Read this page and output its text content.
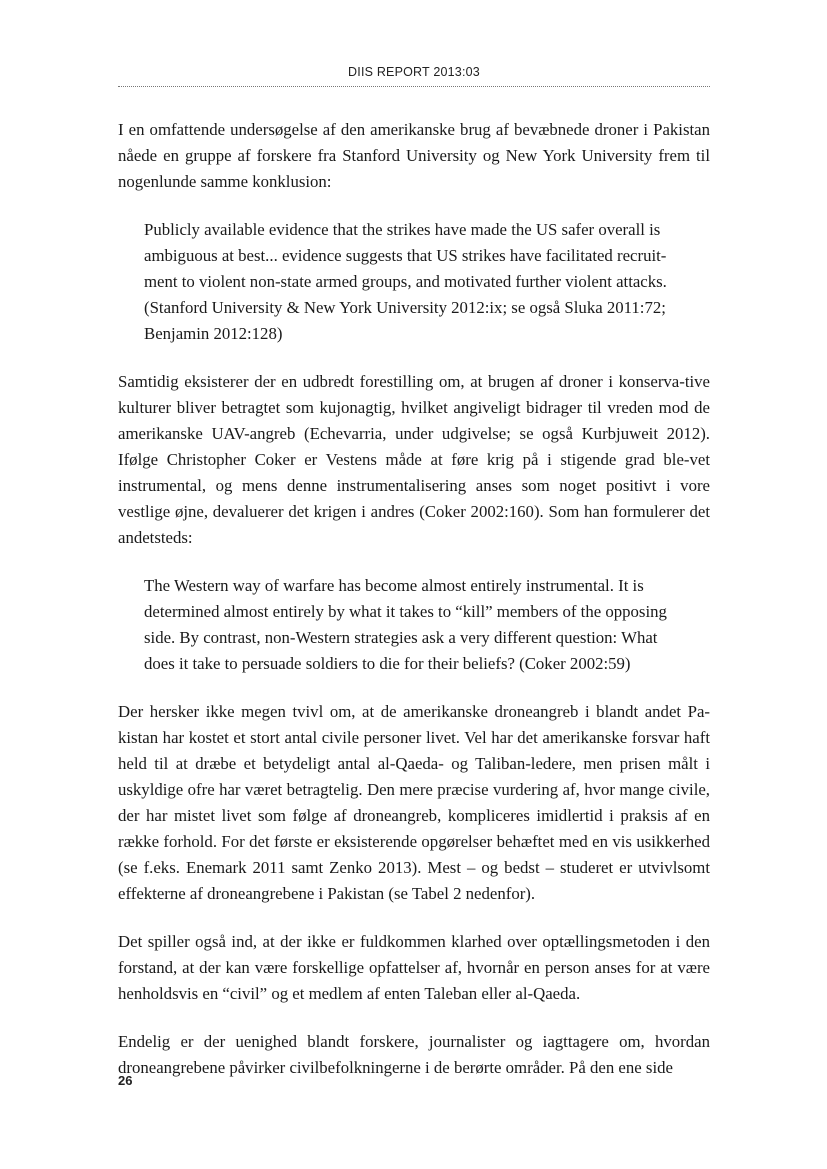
DIIS REPORT 2013:03

I en omfattende undersøgelse af den amerikanske brug af bevæbnede droner i Pakistan nåede en gruppe af forskere fra Stanford University og New York University frem til nogenlunde samme konklusion:

Publicly available evidence that the strikes have made the US safer overall is ambiguous at best... evidence suggests that US strikes have facilitated recruit-ment to violent non-state armed groups, and motivated further violent attacks. (Stanford University & New York University 2012:ix; se også Sluka 2011:72; Benjamin 2012:128)

Samtidig eksisterer der en udbredt forestilling om, at brugen af droner i konserva-tive kulturer bliver betragtet som kujonagtig, hvilket angiveligt bidrager til vreden mod de amerikanske UAV-angreb (Echevarria, under udgivelse; se også Kurbjuweit 2012). Ifølge Christopher Coker er Vestens måde at føre krig på i stigende grad ble-vet instrumental, og mens denne instrumentalisering anses som noget positivt i vore vestlige øjne, devaluerer det krigen i andres (Coker 2002:160). Som han formulerer det andetsteds:

The Western way of warfare has become almost entirely instrumental. It is determined almost entirely by what it takes to “kill” members of the opposing side. By contrast, non-Western strategies ask a very different question: What does it take to persuade soldiers to die for their beliefs? (Coker 2002:59)

Der hersker ikke megen tvivl om, at de amerikanske droneangreb i blandt andet Pa-kistan har kostet et stort antal civile personer livet. Vel har det amerikanske forsvar haft held til at dræbe et betydeligt antal al-Qaeda- og Taliban-ledere, men prisen målt i uskyldige ofre har været betragtelig. Den mere præcise vurdering af, hvor mange civile, der har mistet livet som følge af droneangreb, kompliceres imidlertid i praksis af en række forhold. For det første er eksisterende opgørelser behæftet med en vis usikkerhed (se f.eks. Enemark 2011 samt Zenko 2013). Mest – og bedst – studeret er utvivlsomt effekterne af droneangrebene i Pakistan (se Tabel 2 nedenfor).

Det spiller også ind, at der ikke er fuldkommen klarhed over optællingsmetoden i den forstand, at der kan være forskellige opfattelser af, hvornår en person anses for at være henholdsvis en “civil” og et medlem af enten Taleban eller al-Qaeda.

Endelig er der uenighed blandt forskere, journalister og iagttagere om, hvordan droneangrebene påvirker civilbefolkningerne i de berørte områder. På den ene side

26
